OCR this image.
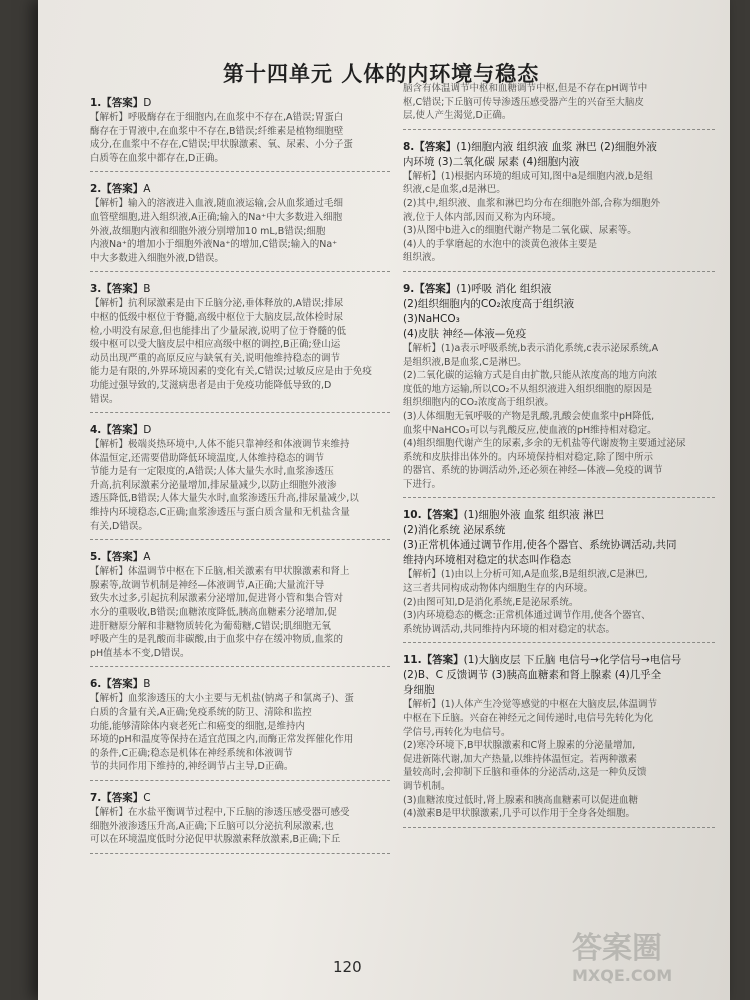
第十四单元 人体的内环境与稳态
1.【答案】D
【解析】呼吸酶存在于细胞内,在血浆中不存在,A错误;胃蛋白
酶存在于胃液中,在血浆中不存在,B错误;纤维素是植物细胞壁
成分,在血浆中不存在,C错误;甲状腺激素、氧、尿素、小分子蛋
白质等在血浆中都存在,D正确。
2.【答案】A
【解析】输入的溶液进入血液,随血液运输,会从血浆通过毛细
血管壁细胞,进入组织液,A正确;输入的Na⁺中大多数进入细胞
外液,故细胞内液和细胞外液分别增加10 mL,B错误;细胞
内液Na⁺的增加小于细胞外液Na⁺的增加,C错误;输入的Na⁺
中大多数进入细胞外液,D错误。
3.【答案】B
【解析】抗利尿激素是由下丘脑分泌,垂体释放的,A错误;排尿
中枢的低级中枢位于脊髓,高级中枢位于大脑皮层,故体检时尿
检,小明没有尿意,但也能排出了少量尿液,说明了位于脊髓的低
级中枢可以受大脑皮层中相应高级中枢的调控,B正确;登山运
动员出现严重的高原反应与缺氧有关,说明他维持稳态的调节
能力是有限的,外界环境因素的变化有关,C错误;过敏反应是由于免疫
功能过强导致的,艾滋病患者是由于免疫功能降低导致的,D
错误。
4.【答案】D
【解析】极端炎热环境中,人体不能只靠神经和体液调节来维持
体温恒定,还需要借助降低环境温度,人体维持稳态的调节
节能力是有一定限度的,A错误;人体大量失水时,血浆渗透压
升高,抗利尿激素分泌量增加,排尿量减少,以防止细胞外液渗
透压降低,B错误;人体大量失水时,血浆渗透压升高,排尿量减少,以
维持内环境稳态,C正确;血浆渗透压与蛋白质含量和无机盐含量
有关,D错误。
5.【答案】A
【解析】体温调节中枢在下丘脑,相关激素有甲状腺激素和肾上
腺素等,故调节机制是神经—体液调节,A正确;大量流汗导
致失水过多,引起抗利尿激素分泌增加,促进肾小管和集合管对
水分的重吸收,B错误;血糖浓度降低,胰高血糖素分泌增加,促
进肝糖原分解和非糖物质转化为葡萄糖,C错误;肌细胞无氧
呼吸产生的是乳酸而非碳酸,由于血浆中存在缓冲物质,血浆的
pH值基本不变,D错误。
6.【答案】B
【解析】血浆渗透压的大小主要与无机盐(钠离子和氯离子)、蛋
白质的含量有关,A正确;免疫系统的防卫、清除和监控
功能,能够清除体内衰老死亡和癌变的细胞,是维持内
环境的pH和温度等保持在适宜范围之内,而酶正常发挥催化作用
的条件,C正确;稳态是机体在神经系统和体液调节
节的共同作用下维持的,神经调节占主导,D正确。
7.【答案】C
【解析】在水盐平衡调节过程中,下丘脑的渗透压感受器可感受
细胞外液渗透压升高,A正确;下丘脑可以分泌抗利尿激素,也
可以在环境温度低时分泌促甲状腺激素释放激素,B正确;下丘
脑含有体温调节中枢和血糖调节中枢,但是不存在pH调节中
枢,C错误;下丘脑可传导渗透压感受器产生的兴奋至大脑皮
层,使人产生渴觉,D正确。
8.【答案】(1)细胞内液 组织液 血浆 淋巴 (2)细胞外液
内环境 (3)二氧化碳 尿素 (4)细胞内液
【解析】(1)根据内环境的组成可知,图中a是细胞内液,b是组
织液,c是血浆,d是淋巴。
(2)其中,组织液、血浆和淋巴均分布在细胞外部,合称为细胞外
液,位于人体内部,因而又称为内环境。
(3)从图中b进入c的细胞代谢产物是二氧化碳、尿素等。
(4)人的手掌磨起的水泡中的淡黄色液体主要是
组织液。
9.【答案】(1)呼吸 消化 组织液
(2)组织细胞内的CO₂浓度高于组织液
(3)NaHCO₃
(4)皮肤 神经—体液—免疫
【解析】(1)a表示呼吸系统,b表示消化系统,c表示泌尿系统,A
是组织液,B是血浆,C是淋巴。
(2)二氧化碳的运输方式是自由扩散,只能从浓度高的地方向浓
度低的地方运输,所以CO₂不从组织液进入组织细胞的原因是
组织细胞内的CO₂浓度高于组织液。
(3)人体细胞无氧呼吸的产物是乳酸,乳酸会使血浆中pH降低,
血浆中NaHCO₃可以与乳酸反应,使血液的pH维持相对稳定。
(4)组织细胞代谢产生的尿素,多余的无机盐等代谢废物主要通过泌尿
系统和皮肤排出体外的。内环境保持相对稳定,除了图中所示
的器官、系统的协调活动外,还必须在神经—体液—免疫的调节
下进行。
10.【答案】(1)细胞外液 血浆 组织液 淋巴
(2)消化系统 泌尿系统
(3)正常机体通过调节作用,使各个器官、系统协调活动,共同
维持内环境相对稳定的状态叫作稳态
【解析】(1)由以上分析可知,A是血浆,B是组织液,C是淋巴,
这三者共同构成动物体内细胞生存的内环境。
(2)由图可知,D是消化系统,E是泌尿系统。
(3)内环境稳态的概念:正常机体通过调节作用,使各个器官、
系统协调活动,共同维持内环境的相对稳定的状态。
11.【答案】(1)大脑皮层 下丘脑 电信号→化学信号→电信号
(2)B、C 反馈调节 (3)胰高血糖素和肾上腺素 (4)几乎全
身细胞
【解析】(1)人体产生冷觉等感觉的中枢在大脑皮层,体温调节
中枢在下丘脑。兴奋在神经元之间传递时,电信号先转化为化
学信号,再转化为电信号。
(2)寒冷环境下,B甲状腺激素和C肾上腺素的分泌量增加,
促进新陈代谢,加大产热量,以维持体温恒定。若两种激素
量较高时,会抑制下丘脑和垂体的分泌活动,这是一种负反馈
调节机制。
(3)血糖浓度过低时,肾上腺素和胰高血糖素可以促进血糖
(4)激素B是甲状腺激素,几乎可以作用于全身各处细胞。
120
答案圈
MXQE.COM
